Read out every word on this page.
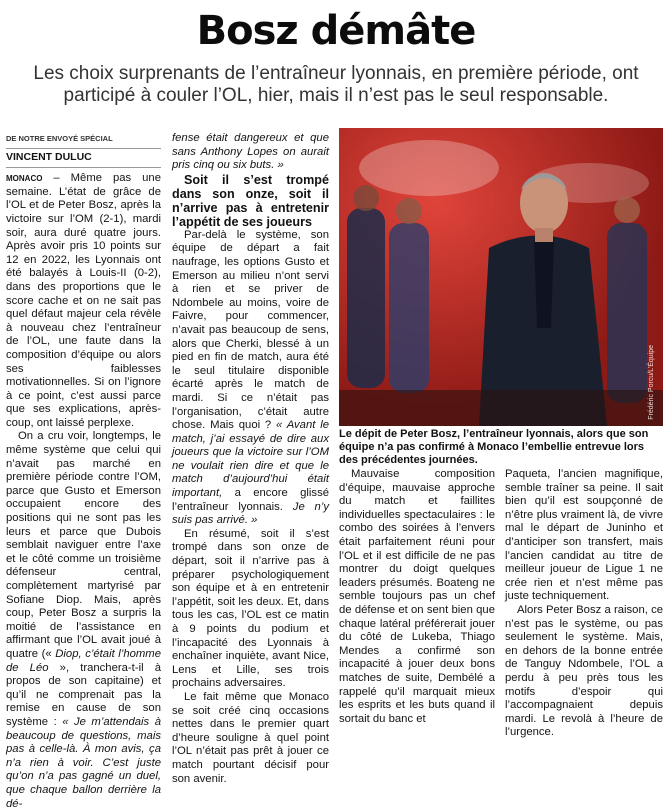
Bosz démâte

Les choix surprenants de l’entraîneur lyonnais, en première période, ont participé à couler l’OL, hier, mais il n’est pas le seul responsable.

DE NOTRE ENVOYÉ SPÉCIAL
VINCENT DULUC

MONACO – Même pas une semaine. L’état de grâce de l’OL et de Peter Bosz, après la victoire sur l’OM (2-1), mardi soir, aura duré quatre jours. Après avoir pris 10 points sur 12 en 2022, les Lyonnais ont été balayés à Louis-II (0-2), dans des proportions que le score cache et on ne sait pas quel défaut majeur cela révèle à nouveau chez l’entraîneur de l’OL, une faute dans la composition d’équipe ou alors ses faiblesses motivationnelles. Si on l’ignore à ce point, c’est aussi parce que ses explications, après-coup, ont laissé perplexe.

On a cru voir, longtemps, le même système que celui qui n’avait pas marché en première période contre l’OM, parce que Gusto et Emerson occupaient encore des positions qui ne sont pas les leurs et parce que Dubois semblait naviguer entre l’axe et le côté comme un troisième défenseur central, complètement martyrisé par Sofiane Diop. Mais, après coup, Peter Bosz a surpris la moitié de l’assistance en affirmant que l’OL avait joué à quatre (« Diop, c’était l’homme de Léo », tranchera-t-il à propos de son capitaine) et qu’il ne comprenait pas la remise en cause de son système : « Je m’attendais à beaucoup de questions, mais pas à celle-là. À mon avis, ça n’a rien à voir. C’est juste qu’on n’a pas gagné un duel, que chaque ballon derrière la dé-

fense était dangereux et que sans Anthony Lopes on aurait pris cinq ou six buts. »

Soit il s’est trompé dans son onze, soit il n’arrive pas à entretenir l’appétit de ses joueurs

Par-delà le système, son équipe de départ a fait naufrage, les options Gusto et Emerson au milieu n’ont servi à rien et se priver de Ndombele au moins, voire de Faivre, pour commencer, n’avait pas beaucoup de sens, alors que Cherki, blessé à un pied en fin de match, aura été le seul titulaire disponible écarté après le match de mardi. Si ce n’était pas l’organisation, c’était autre chose. Mais quoi ? « Avant le match, j’ai essayé de dire aux joueurs que la victoire sur l’OM ne voulait rien dire et que le match d’aujourd’hui était important, a encore glissé l’entraîneur lyonnais. Je n’y suis pas arrivé. »

En résumé, soit il s’est trompé dans son onze de départ, soit il n’arrive pas à préparer psychologiquement son équipe et à en entretenir l’appétit, soit les deux. Et, dans tous les cas, l’OL est ce matin à 9 points du podium et l’incapacité des Lyonnais à enchaîner inquiète, avant Nice, Lens et Lille, ses trois prochains adversaires.

Le fait même que Monaco se soit créé cinq occasions nettes dans le premier quart d’heure souligne à quel point l’OL n’était pas prêt à jouer ce match pourtant décisif pour son avenir.

Frédéric Porcu/L’Équipe
Le dépit de Peter Bosz, l’entraîneur lyonnais, alors que son équipe n’a pas confirmé à Monaco l’embellie entrevue lors des précédentes journées.

Mauvaise composition d’équipe, mauvaise approche du match et faillites individuelles spectaculaires : le combo des soirées à l’envers était parfaitement réuni pour l’OL et il est difficile de ne pas montrer du doigt quelques leaders présumés. Boateng ne semble toujours pas un chef de défense et on sent bien que chaque latéral préférerait jouer du côté de Lukeba, Thiago Mendes a confirmé son incapacité à jouer deux bons matches de suite, Dembélé a rappelé qu’il marquait mieux les esprits et les buts quand il sortait du banc et

Paqueta, l’ancien magnifique, semble traîner sa peine. Il sait bien qu’il est soupçonné de n’être plus vraiment là, de vivre mal le départ de Juninho et d’anticiper son transfert, mais l’ancien candidat au titre de meilleur joueur de Ligue 1 ne crée rien et n’est même pas juste techniquement.

Alors Peter Bosz a raison, ce n’est pas le système, ou pas seulement le système. Mais, en dehors de la bonne entrée de Tanguy Ndombele, l’OL a perdu à peu près tous les motifs d’espoir qui l’accompagnaient depuis mardi. Le revolà à l’heure de l’urgence.
